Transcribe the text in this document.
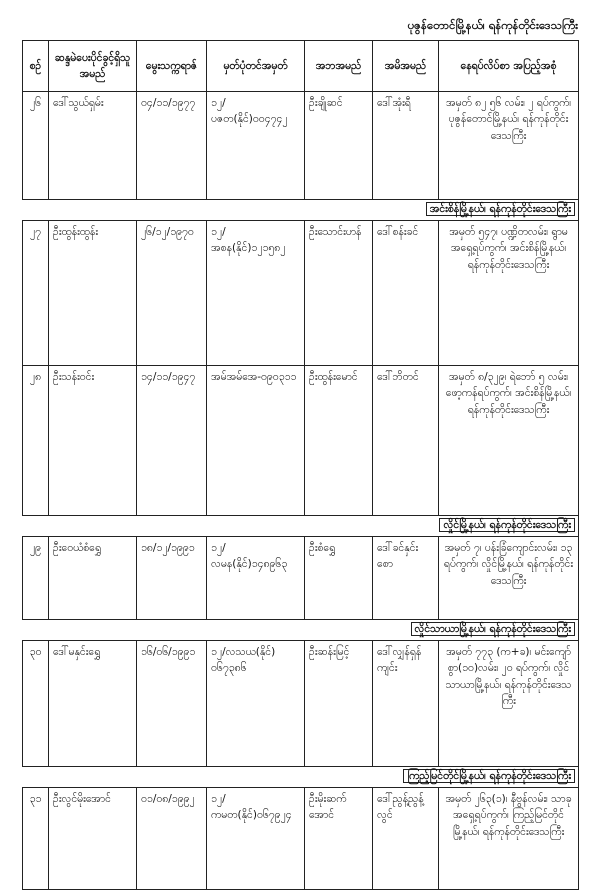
ပုဇွန်တောင်မြို့နယ်၊ ရန်ကုန်တိုင်းဒေသကြီး
စဉ်	ဆန္ဒမဲပေးပိုင်ခွင့်ရှိသူအမည်	မွေးသက္ကရာဇ်	မှတ်ပုံတင်အမှတ်	အဘအမည်	အမိအမည်	နေရပ်လိပ်စာ အပြည့်အစုံ
၂၆	ဒေါ်သွယ်ရှမ်း	၀၄/၁၁/၁၉၇၇	၁၂/ပဇတ(နိုင်)၀၀၄၇၄၂	ဦးချိုဆင်	ဒေါ်အုံးရီ	အမှတ် ၈၂ ၅၆ လမ်း၊ ၂ ရပ်ကွက်၊ ပုဇွန်တောင်မြို့နယ်၊ ရန်ကုန်တိုင်းဒေသကြီး
အင်းစိန်မြို့နယ်၊ ရန်ကုန်တိုင်းဒေသကြီး						
၂၇	ဦးထွန်းထွန်း	၂၆/၁၂/၁၉၇၀	၁၂/အစန(နိုင်)၁၂၁၅၈၂	ဦးသောင်းဟန်	ဒေါ်စန်းခင်	အမှတ် ၅၄၇၊ ပဏ္ဍိတလမ်း၊ ရွာမ အရှေ့ရပ်ကွက်၊ အင်းစိန်မြို့နယ်၊ ရန်ကုန်တိုင်းဒေသကြီး
၂၈	ဦးသန်းဝင်း	၁၄/၁၁/၁၉၄၇	အမ်အမ်အေ-၀၉၀၃၁၁	ဦးထွန်းမောင်	ဒေါ်ဘိတင်	အမှတ် ၈/၃၂၉၊ ရဲဘော် ၅ လမ်း၊ ဖော့ကန်ရပ်ကွက်၊ အင်းစိန်မြို့နယ်၊ ရန်ကုန်တိုင်းဒေသကြီး
လှိုင်မြို့နယ်၊ ရန်ကုန်တိုင်းဒေသကြီး						
၂၉	ဦးဝေယံစံရွှေ	၁၈/၁၂/၁၉၉၁	၁၂/လမန(နိုင်)၁၄၈၉၆၃	ဦးစံရွှေ	ဒေါ်ခင်နှင်း စော	အမှတ် ၇၊ ပန်းခြံကျောင်းလမ်း၊ ၁၃ ရပ်ကွက်၊ လှိုင်မြို့နယ်၊ ရန်ကုန်တိုင်းဒေသကြီး
လှိုင်သာယာမြို့နယ်၊ ရန်ကုန်တိုင်းဒေသကြီး						
၃၀	ဒေါ်မနှင်းရွှေ	၁၆/၀၆/၁၉၉၁	၁၂/လသယ(နိုင်) ၀၆၇၃၈၆	ဦးဆန်းမြင့်	ဒေါ်လျှန်ရှန် ကျင်း	အမှတ် ၇၇၃ (က+ခ)၊ မင်းကျော်စွာ(၁၀)လမ်း၊ ၂၀ ရပ်ကွက်၊ လှိုင်သာယာမြို့နယ်၊ ရန်ကုန်တိုင်းဒေသကြီး
ကြည့်မြင်တိုင်မြို့နယ်၊ ရန်ကုန်တိုင်းဒေသကြီး						
၃၁	ဦးလွင်မိုးအောင်	၀၁/၀၈/၁၉၉၂	၁၂/ကမတ(နိုင်)၀၆၇၉၂၄	ဦးမိုးဆက် အောင်	ဒေါ်ညွန့်ညွန့် လွင်	အမှတ် ၂၆၃(၁)၊ နီဗွန်လမ်း၊ သာခုအရှေ့ရပ်ကွက်၊ ကြည့်မြင်တိုင်မြို့နယ်၊ ရန်ကုန်တိုင်းဒေသကြီး
